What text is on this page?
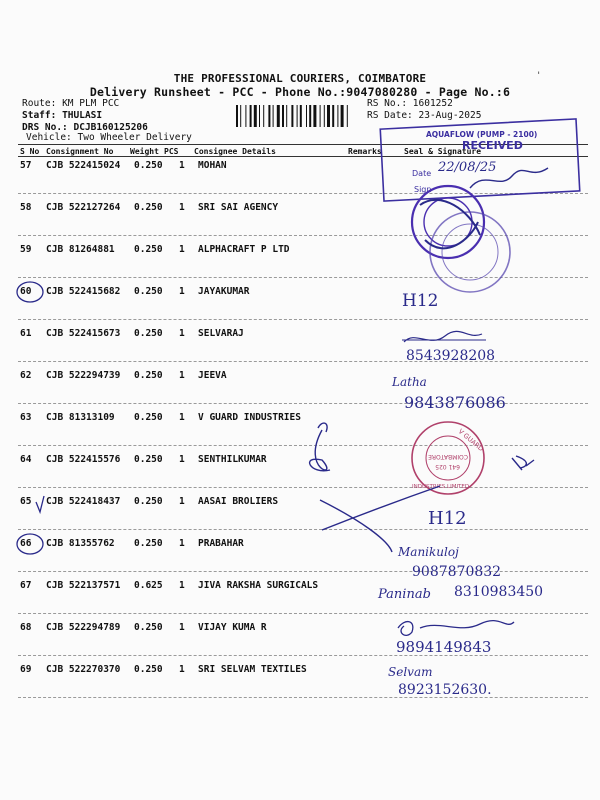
THE PROFESSIONAL COURIERS, COIMBATORE
Delivery Runsheet - PCC - Phone No.:9047080280 - Page No.:6
Route: KM PLM PCC
Staff: THULASI
DRS No.: DCJB160125206
Vehicle: Two Wheeler Delivery
RS No.: 1601252
RS Date: 23-Aug-2025
S No Consignment No Weight PCS Consignee Details	Remarks	Seal & Signature
57 CJB 522415024 0.250 1 MOHAN
58 CJB 522127264 0.250 1 SRI SAI AGENCY
59 CJB 81264881 0.250 1 ALPHACRAFT P LTD
60 CJB 522415682 0.250 1 JAYAKUMAR
61 CJB 522415673 0.250 1 SELVARAJ
62 CJB 522294739 0.250 1 JEEVA
63 CJB 81313109 0.250 1 V GUARD INDUSTRIES
64 CJB 522415576 0.250 1 SENTHILKUMAR
65 CJB 522418437 0.250 1 AASAI BROLIERS
66 CJB 81355762 0.250 1 PRABAHAR
67 CJB 522137571 0.625 1 JIVA RAKSHA SURGICALS
68 CJB 522294789 0.250 1 VIJAY KUMA R
69 CJB 522270370 0.250 1 SRI SELVAM TEXTILES
AQUAFLOW (PUMP - 2100)
RECEIVED
Date 22/08/25
Sign
H12
8543928208
Latha
9843876086
V GUARD
COIMBATORE
641 025
INDUSTRIES LIMITED
H12
Manikuloj
9087870832
Paninab 8310983450
9894149843
Selvam
8923152630.
'
